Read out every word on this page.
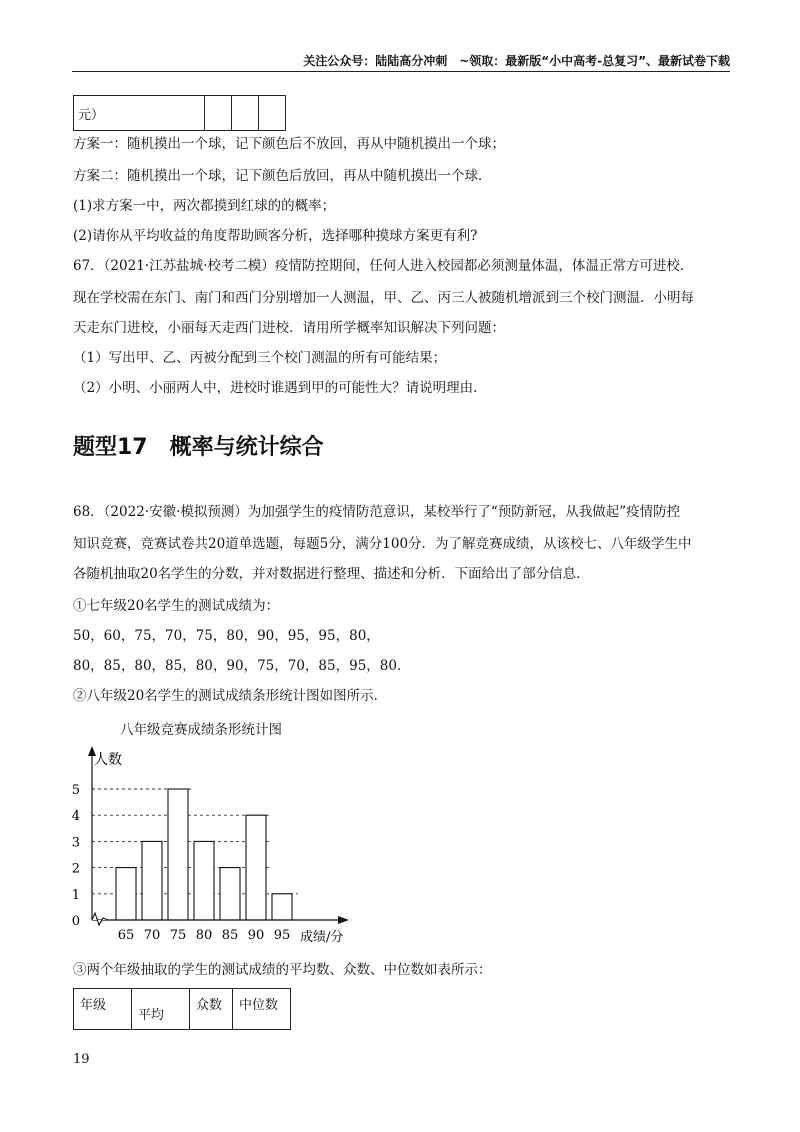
关注公众号：陆陆高分冲刺　~领取：最新版“小中高考-总复习”、最新试卷下载
元）			
方案一：随机摸出一个球，记下颜色后不放回，再从中随机摸出一个球；
方案二：随机摸出一个球，记下颜色后放回，再从中随机摸出一个球．
(1)求方案一中，两次都摸到红球的的概率；
(2)请你从平均收益的角度帮助顾客分析，选择哪种摸球方案更有利?
67．（2021·江苏盐城·校考二模）疫情防控期间，任何人进入校园都必须测量体温，体温正常方可进校．
现在学校需在东门、南门和西门分别增加一人测温，甲、乙、丙三人被随机增派到三个校门测温．小明每
天走东门进校，小丽每天走西门进校．请用所学概率知识解决下列问题：
（1）写出甲、乙、丙被分配到三个校门测温的所有可能结果；
（2）小明、小丽两人中，进校时谁遇到甲的可能性大？请说明理由．
题型17　概率与统计综合
68．（2022·安徽·模拟预测）为加强学生的疫情防范意识，某校举行了“预防新冠，从我做起”疫情防控
知识竞赛，竞赛试卷共20道单选题，每题5分，满分100分．为了解竞赛成绩，从该校七、八年级学生中
各随机抽取20名学生的分数，并对数据进行整理、描述和分析．下面给出了部分信息．
①七年级20名学生的测试成绩为：
50，60，75，70，75，80，90，95，95，80，
80，85，80，85，80，90，75，70，85，95，80．
②八年级20名学生的测试成绩条形统计图如图所示．
八年级竞赛成绩条形统计图
人数
成绩/分
0
1
2
3
4
5
65 70 75 80 85 90 95
③两个年级抽取的学生的测试成绩的平均数、众数、中位数如表所示：
年级	平均	众数	中位数
19
